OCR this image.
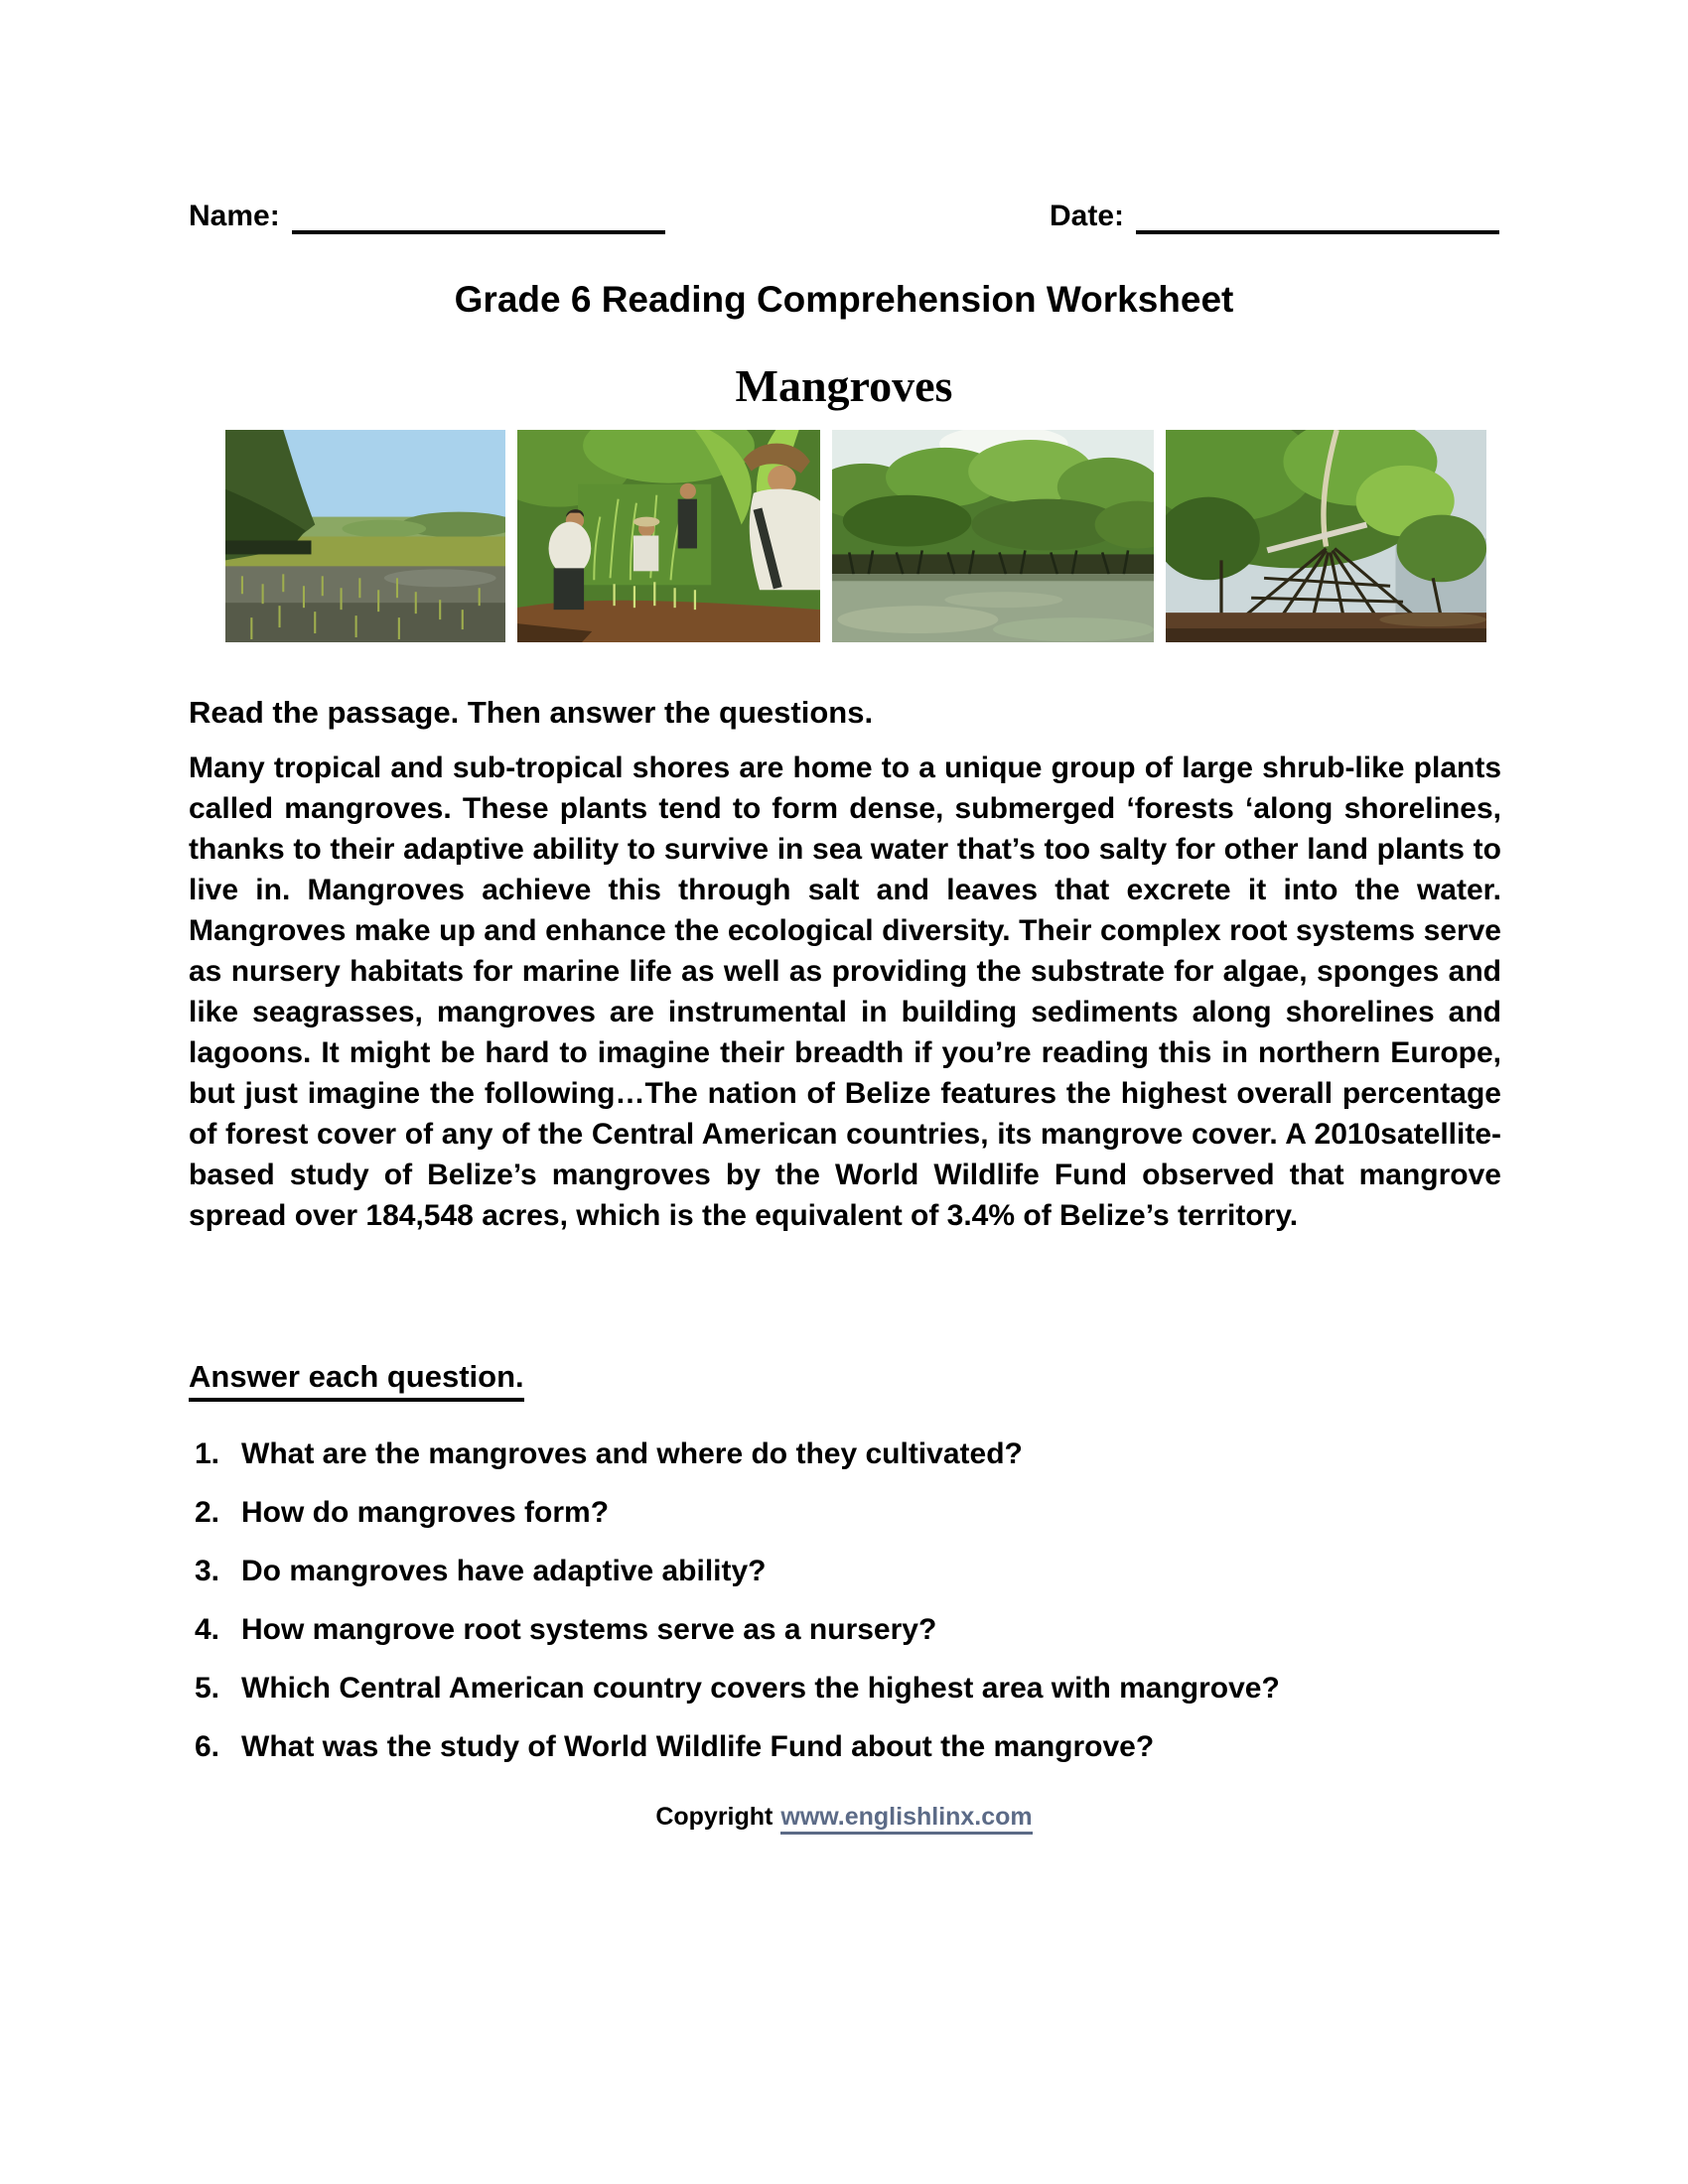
Name:	Date:
Grade 6 Reading Comprehension Worksheet
Mangroves
Read the passage. Then answer the questions.
Many tropical and sub-tropical shores are home to a unique group of large shrub-like plants called mangroves. These plants tend to form dense, submerged ‘forests ‘along shorelines, thanks to their adaptive ability to survive in sea water that’s too salty for other land plants to live in. Mangroves achieve this through salt and leaves that excrete it into the water. Mangroves make up and enhance the ecological diversity. Their complex root systems serve as nursery habitats for marine life as well as providing the substrate for algae, sponges and like seagrasses, mangroves are instrumental in building sediments along shorelines and lagoons. It might be hard to imagine their breadth if you’re reading this in northern Europe, but just imagine the following…The nation of Belize features the highest overall percentage of forest cover of any of the Central American countries, its mangrove cover. A 2010satellite-based study of Belize’s mangroves by the World Wildlife Fund observed that mangrove spread over 184,548 acres, which is the equivalent of 3.4% of Belize’s territory.
Answer each question.
1. What are the mangroves and where do they cultivated?
2. How do mangroves form?
3. Do mangroves have adaptive ability?
4. How mangrove root systems serve as a nursery?
5. Which Central American country covers the highest area with mangrove?
6. What was the study of World Wildlife Fund about the mangrove?
Copyright www.englishlinx.com
